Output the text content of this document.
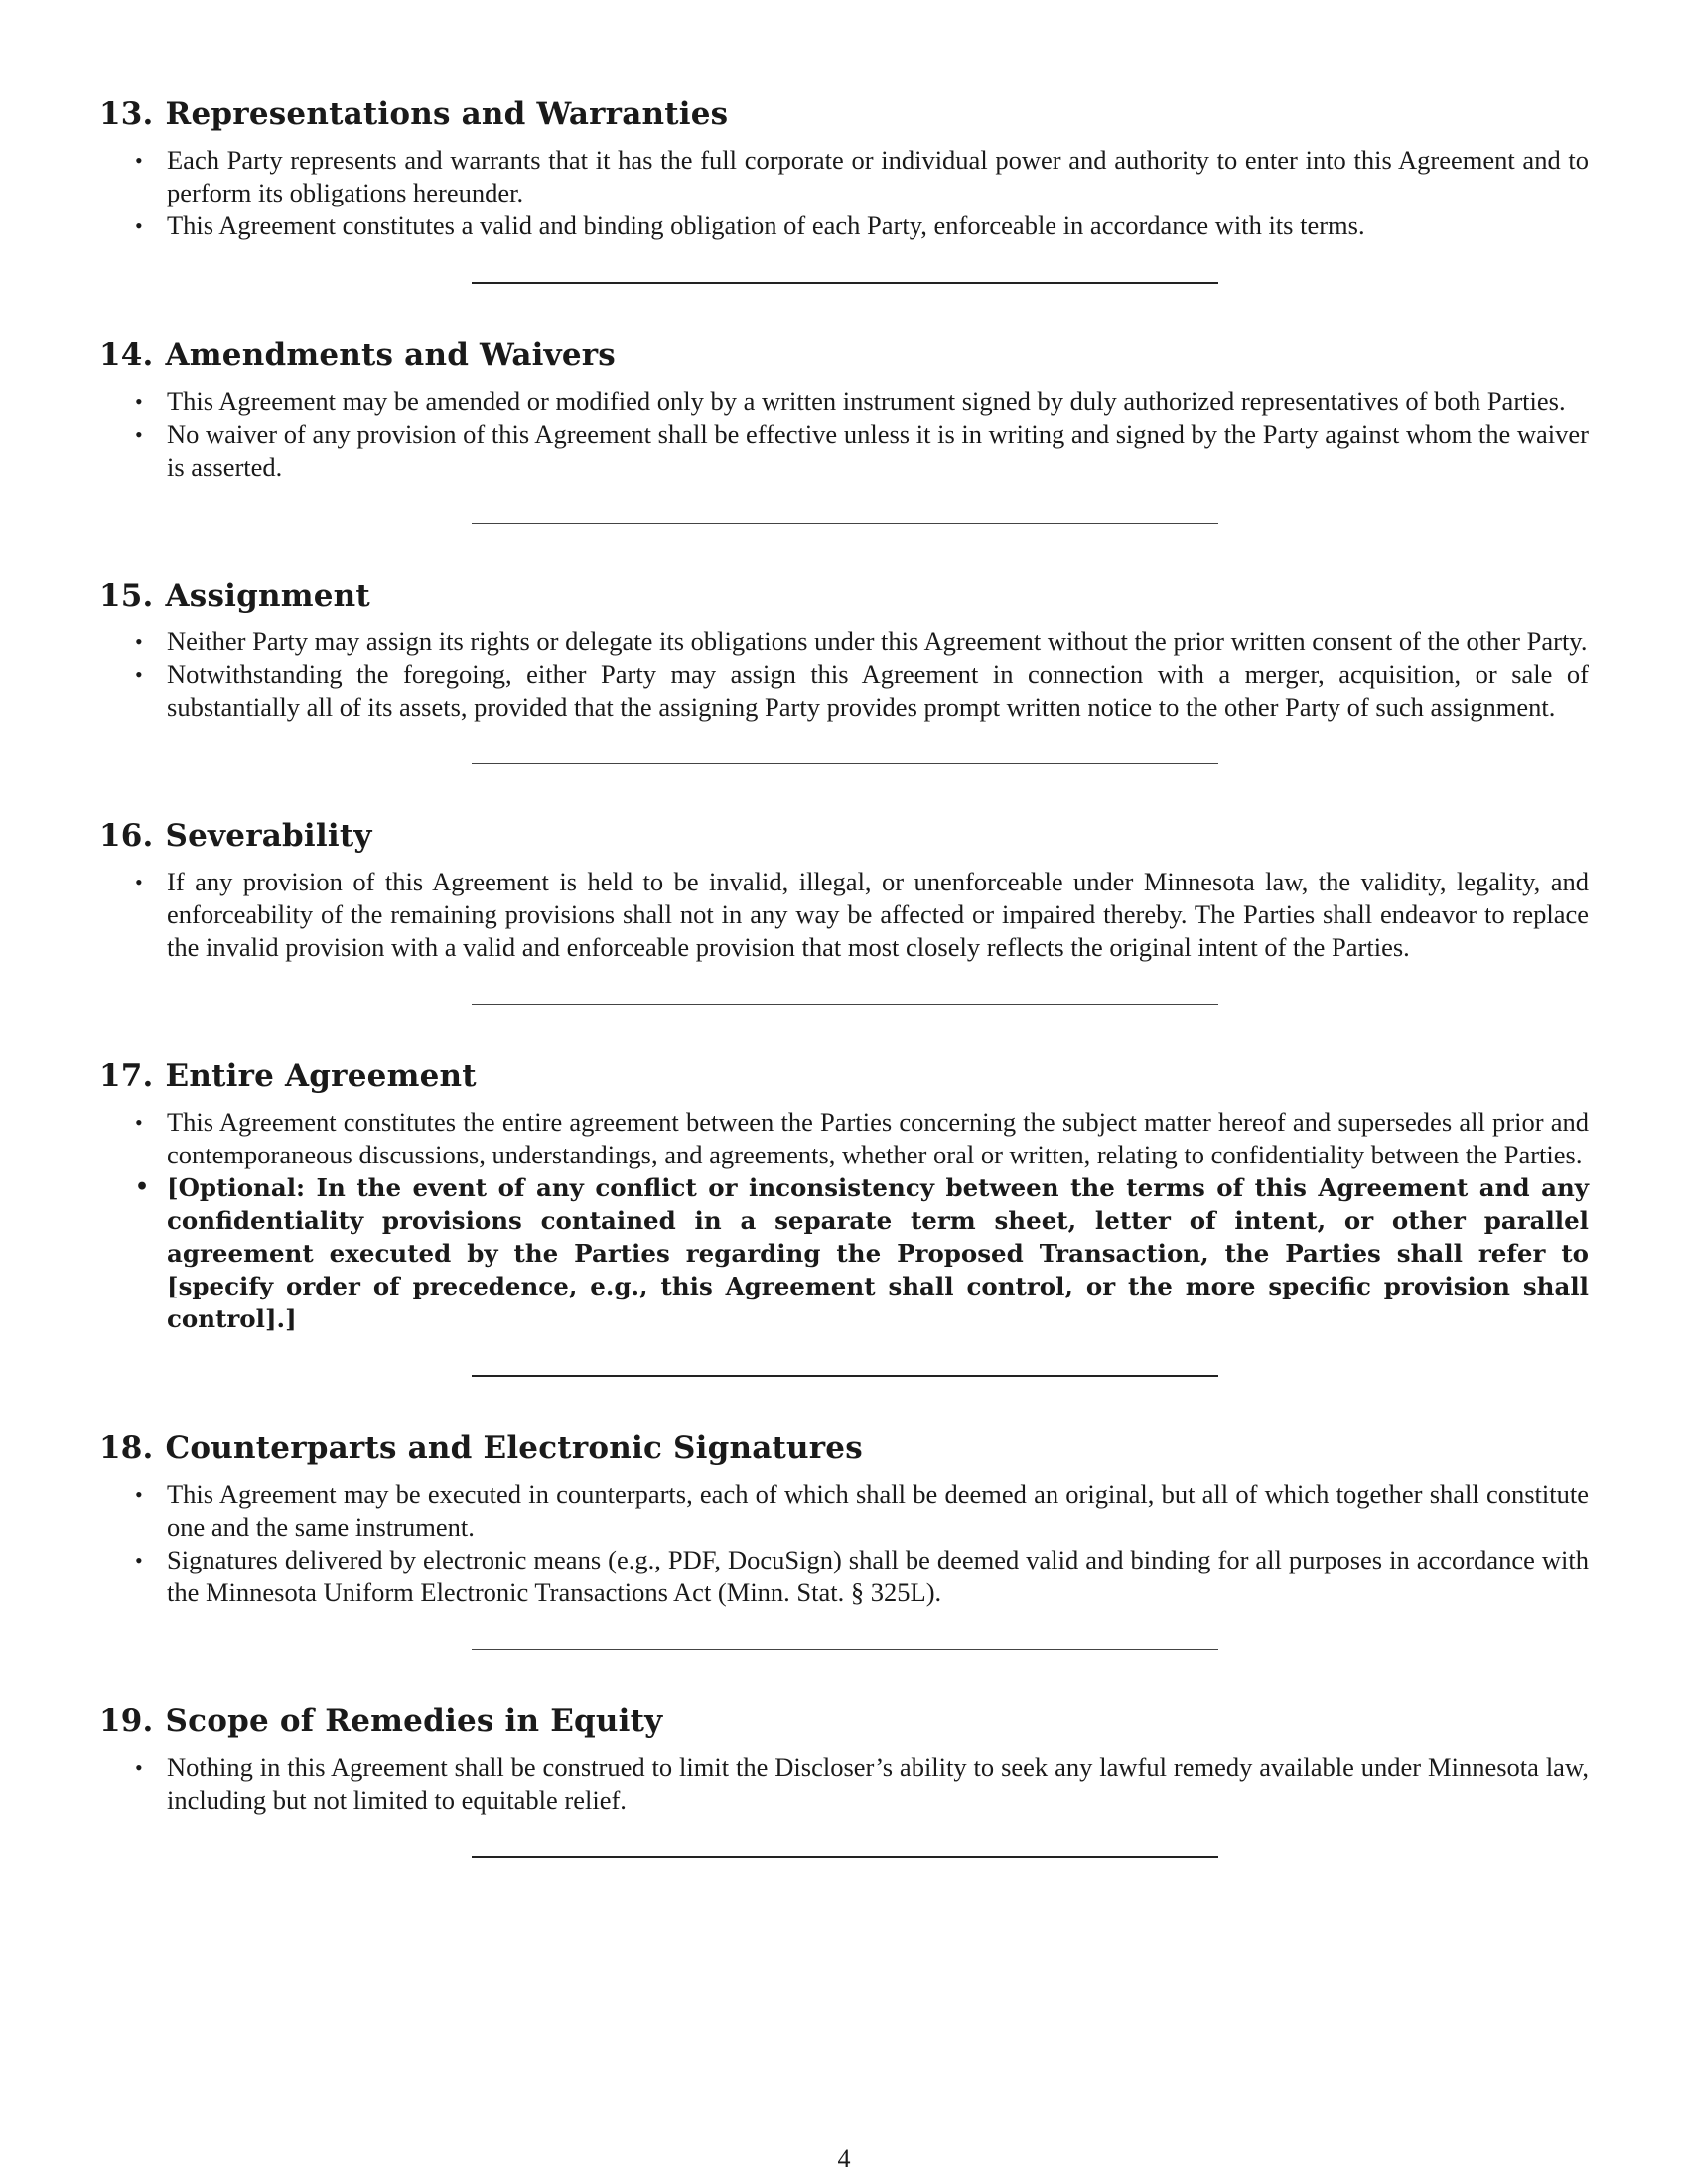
13. Representations and Warranties
• Each Party represents and warrants that it has the full corporate or individual power and authority to enter into this Agreement and to perform its obligations hereunder.
• This Agreement constitutes a valid and binding obligation of each Party, enforceable in accordance with its terms.
14. Amendments and Waivers
• This Agreement may be amended or modified only by a written instrument signed by duly authorized representatives of both Parties.
• No waiver of any provision of this Agreement shall be effective unless it is in writing and signed by the Party against whom the waiver is asserted.
15. Assignment
• Neither Party may assign its rights or delegate its obligations under this Agreement without the prior written consent of the other Party.
• Notwithstanding the foregoing, either Party may assign this Agreement in connection with a merger, acquisition, or sale of substantially all of its assets, provided that the assigning Party provides prompt written notice to the other Party of such assignment.
16. Severability
• If any provision of this Agreement is held to be invalid, illegal, or unenforceable under Minnesota law, the validity, legality, and enforceability of the remaining provisions shall not in any way be affected or impaired thereby. The Parties shall endeavor to replace the invalid provision with a valid and enforceable provision that most closely reflects the original intent of the Parties.
17. Entire Agreement
• This Agreement constitutes the entire agreement between the Parties concerning the subject matter hereof and supersedes all prior and contemporaneous discussions, understandings, and agreements, whether oral or written, relating to confidentiality between the Parties.
• [Optional: In the event of any conflict or inconsistency between the terms of this Agreement and any confidentiality provisions contained in a separate term sheet, letter of intent, or other parallel agreement executed by the Parties regarding the Proposed Transaction, the Parties shall refer to [specify order of precedence, e.g., this Agreement shall control, or the more specific provision shall control].]
18. Counterparts and Electronic Signatures
• This Agreement may be executed in counterparts, each of which shall be deemed an original, but all of which together shall constitute one and the same instrument.
• Signatures delivered by electronic means (e.g., PDF, DocuSign) shall be deemed valid and binding for all purposes in accordance with the Minnesota Uniform Electronic Transactions Act (Minn. Stat. § 325L).
19. Scope of Remedies in Equity
• Nothing in this Agreement shall be construed to limit the Discloser’s ability to seek any lawful remedy available under Minnesota law, including but not limited to equitable relief.
4
